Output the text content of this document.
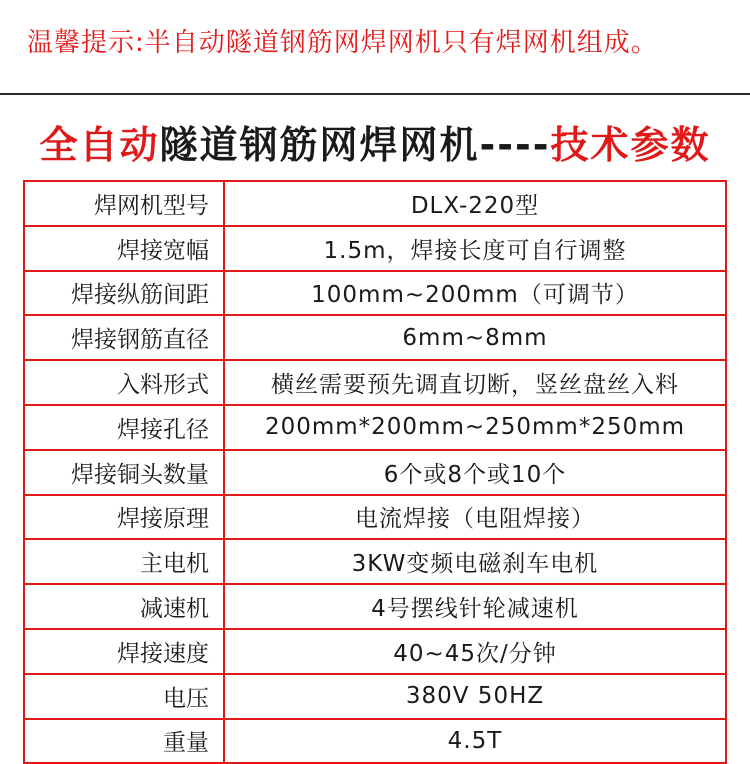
温馨提示:半自动隧道钢筋网焊网机只有焊网机组成。
全自动隧道钢筋网焊网机----技术参数
焊网机型号	DLX-220型
焊接宽幅	1.5m，焊接长度可自行调整
焊接纵筋间距	100mm~200mm（可调节）
焊接钢筋直径	6mm~8mm
入料形式	横丝需要预先调直切断，竖丝盘丝入料
焊接孔径	200mm*200mm~250mm*250mm
焊接铜头数量	6个或8个或10个
焊接原理	电流焊接（电阻焊接）
主电机	3KW变频电磁刹车电机
减速机	4号摆线针轮减速机
焊接速度	40~45次/分钟
电压	380V 50HZ
重量	4.5T
